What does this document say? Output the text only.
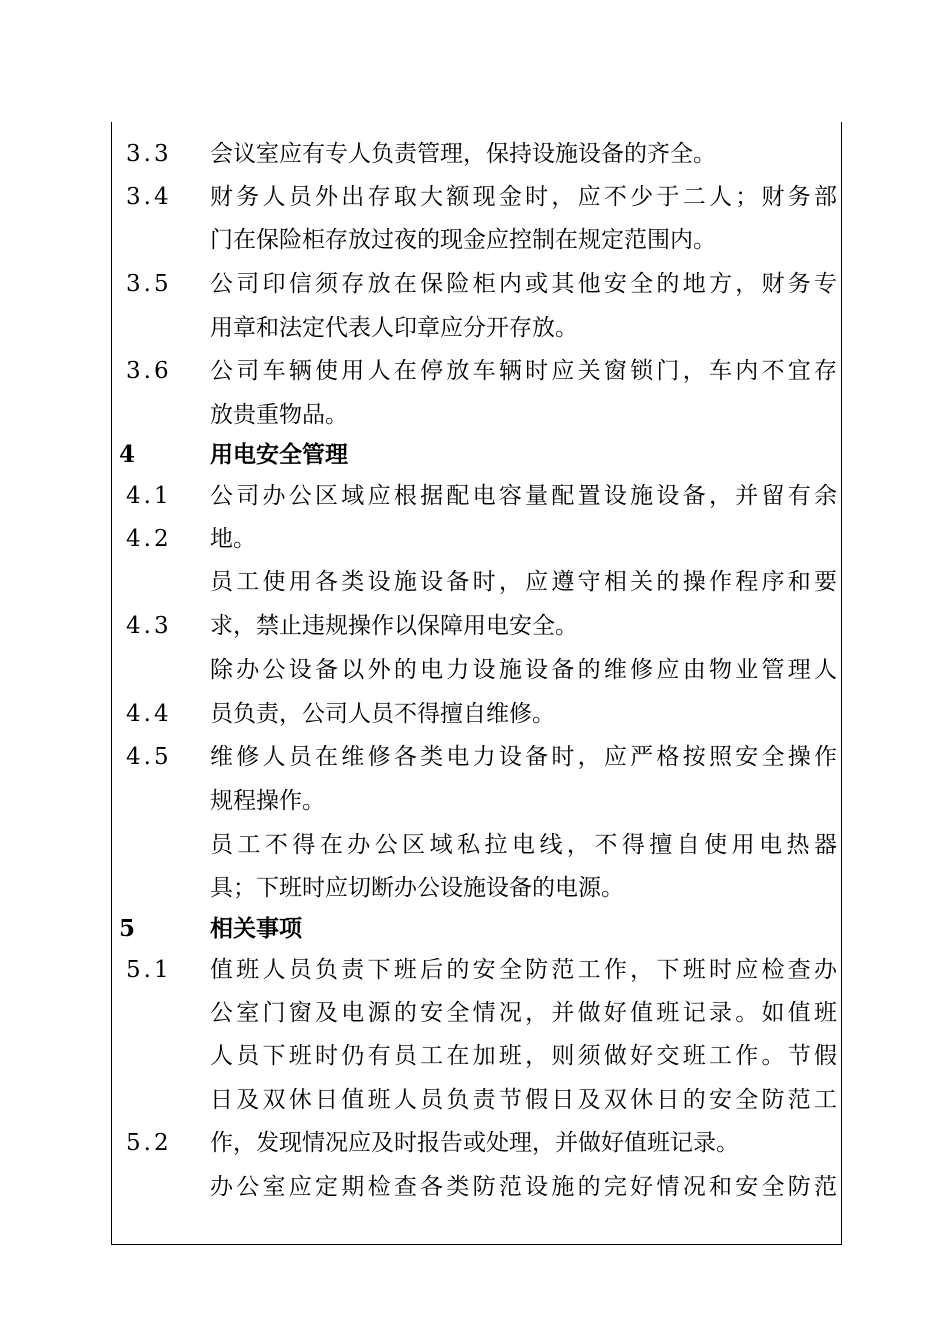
3.3 会议室应有专人负责管理，保持设施设备的齐全。
3.4 财务人员外出存取大额现金时，应不少于二人；财务部
门在保险柜存放过夜的现金应控制在规定范围内。
3.5 公司印信须存放在保险柜内或其他安全的地方，财务专
用章和法定代表人印章应分开存放。
3.6 公司车辆使用人在停放车辆时应关窗锁门，车内不宜存
放贵重物品。
4	用电安全管理
4.1 公司办公区域应根据配电容量配置设施设备，并留有余
4.2 地。
员工使用各类设施设备时，应遵守相关的操作程序和要
4.3 求，禁止违规操作以保障用电安全。
除办公设备以外的电力设施设备的维修应由物业管理人
4.4 员负责，公司人员不得擅自维修。
4.5 维修人员在维修各类电力设备时，应严格按照安全操作
规程操作。
员工不得在办公区域私拉电线，不得擅自使用电热器
具；下班时应切断办公设施设备的电源。
5	相关事项
5.1 值班人员负责下班后的安全防范工作，下班时应检查办
公室门窗及电源的安全情况，并做好值班记录。如值班
人员下班时仍有员工在加班，则须做好交班工作。节假
日及双休日值班人员负责节假日及双休日的安全防范工
5.2 作，发现情况应及时报告或处理，并做好值班记录。
办公室应定期检查各类防范设施的完好情况和安全防范
